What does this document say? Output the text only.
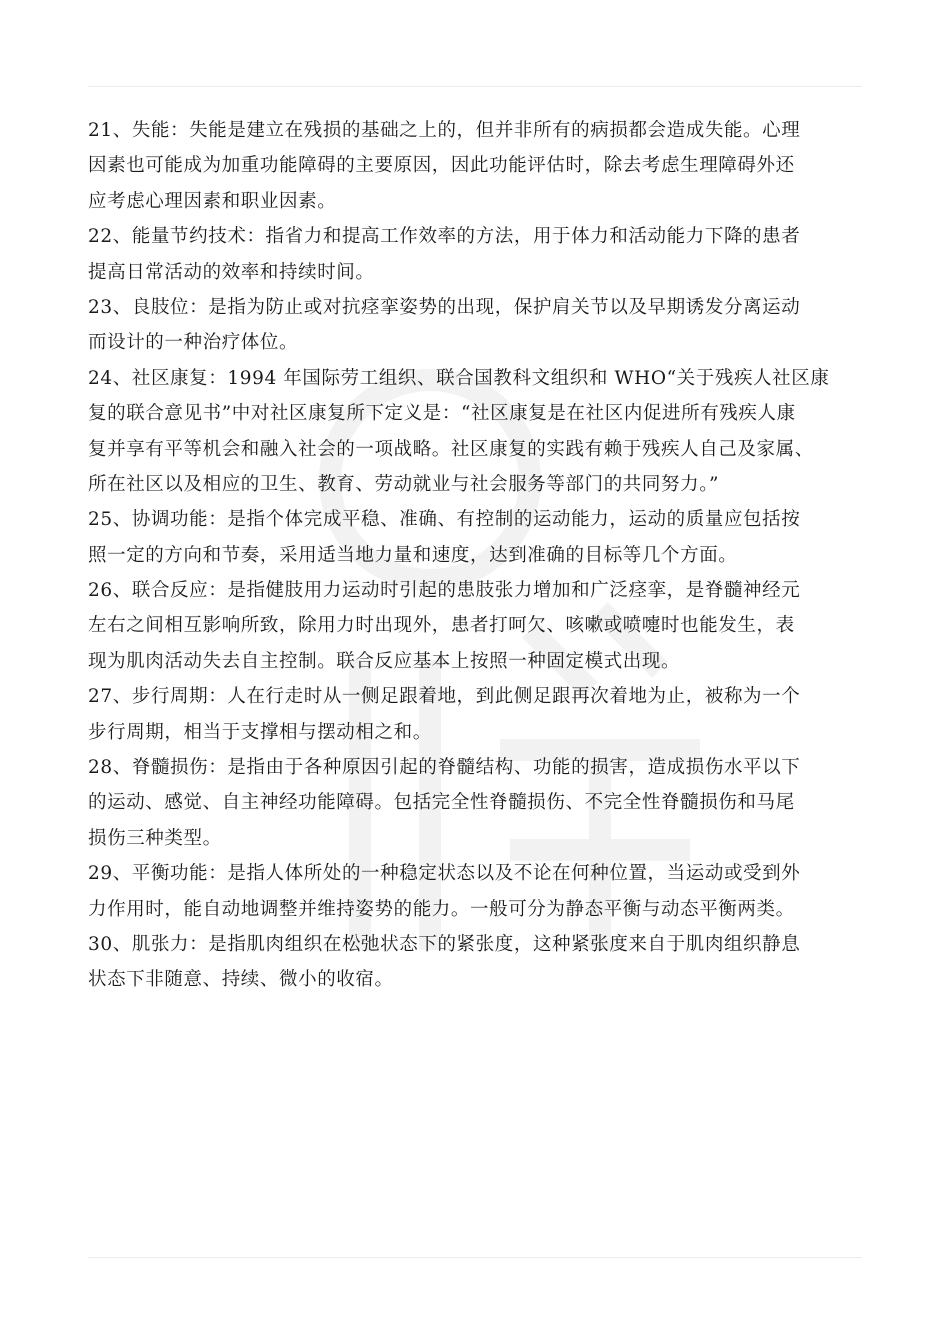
21、失能：失能是建立在残损的基础之上的，但并非所有的病损都会造成失能。心理
因素也可能成为加重功能障碍的主要原因，因此功能评估时，除去考虑生理障碍外还
应考虑心理因素和职业因素。
22、能量节约技术：指省力和提高工作效率的方法，用于体力和活动能力下降的患者
提高日常活动的效率和持续时间。
23、良肢位：是指为防止或对抗痉挛姿势的出现，保护肩关节以及早期诱发分离运动
而设计的一种治疗体位。
24、社区康复：1994 年国际劳工组织、联合国教科文组织和 WHO“关于残疾人社区康
复的联合意见书”中对社区康复所下定义是：“社区康复是在社区内促进所有残疾人康
复并享有平等机会和融入社会的一项战略。社区康复的实践有赖于残疾人自己及家属、
所在社区以及相应的卫生、教育、劳动就业与社会服务等部门的共同努力。”
25、协调功能：是指个体完成平稳、准确、有控制的运动能力，运动的质量应包括按
照一定的方向和节奏，采用适当地力量和速度，达到准确的目标等几个方面。
26、联合反应：是指健肢用力运动时引起的患肢张力增加和广泛痉挛，是脊髓神经元
左右之间相互影响所致，除用力时出现外，患者打呵欠、咳嗽或喷嚏时也能发生，表
现为肌肉活动失去自主控制。联合反应基本上按照一种固定模式出现。
27、步行周期：人在行走时从一侧足跟着地，到此侧足跟再次着地为止，被称为一个
步行周期，相当于支撑相与摆动相之和。
28、脊髓损伤：是指由于各种原因引起的脊髓结构、功能的损害，造成损伤水平以下
的运动、感觉、自主神经功能障碍。包括完全性脊髓损伤、不完全性脊髓损伤和马尾
损伤三种类型。
29、平衡功能：是指人体所处的一种稳定状态以及不论在何种位置，当运动或受到外
力作用时，能自动地调整并维持姿势的能力。一般可分为静态平衡与动态平衡两类。
30、肌张力：是指肌肉组织在松弛状态下的紧张度，这种紧张度来自于肌肉组织静息
状态下非随意、持续、微小的收宿。
